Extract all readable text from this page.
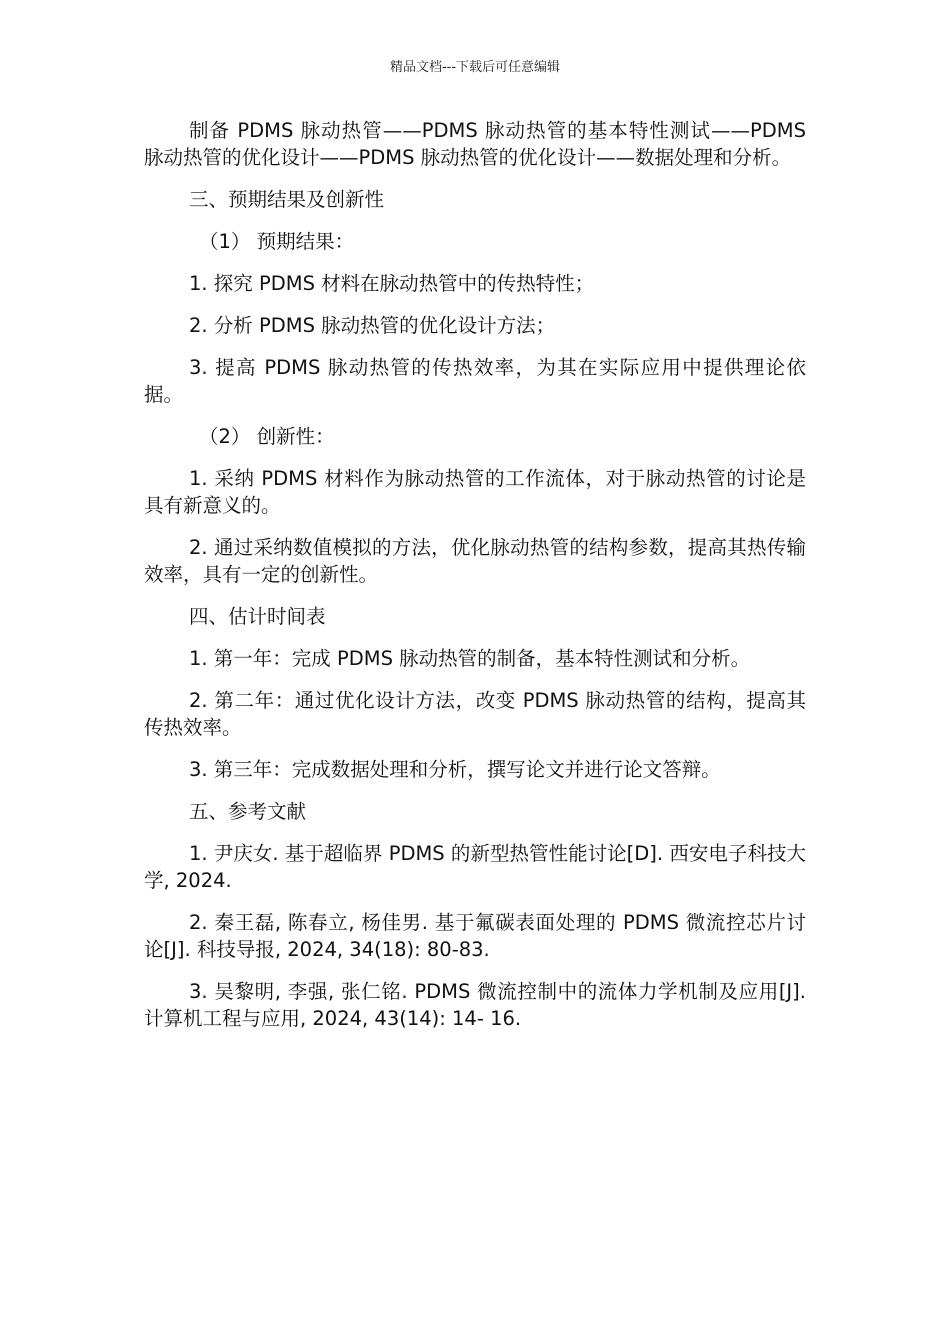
精品文档---下载后可任意编辑

制备 PDMS 脉动热管——PDMS 脉动热管的基本特性测试——PDMS 脉动热管的优化设计——PDMS 脉动热管的优化设计——数据处理和分析。

三、预期结果及创新性

（1） 预期结果：

1. 探究 PDMS 材料在脉动热管中的传热特性；

2. 分析 PDMS 脉动热管的优化设计方法；

3. 提高 PDMS 脉动热管的传热效率，为其在实际应用中提供理论依据。

（2） 创新性：

1. 采纳 PDMS 材料作为脉动热管的工作流体，对于脉动热管的讨论是具有新意义的。

2. 通过采纳数值模拟的方法，优化脉动热管的结构参数，提高其热传输效率，具有一定的创新性。

四、估计时间表

1. 第一年：完成 PDMS 脉动热管的制备，基本特性测试和分析。

2. 第二年：通过优化设计方法，改变 PDMS 脉动热管的结构，提高其传热效率。

3. 第三年：完成数据处理和分析，撰写论文并进行论文答辩。

五、参考文献

1. 尹庆女. 基于超临界 PDMS 的新型热管性能讨论[D]. 西安电子科技大学, 2024.

2. 秦王磊, 陈春立, 杨佳男. 基于氟碳表面处理的 PDMS 微流控芯片讨论[J]. 科技导报, 2024, 34(18): 80-83.

3. 吴黎明, 李强, 张仁铭. PDMS 微流控制中的流体力学机制及应用[J]. 计算机工程与应用, 2024, 43(14): 14- 16.
